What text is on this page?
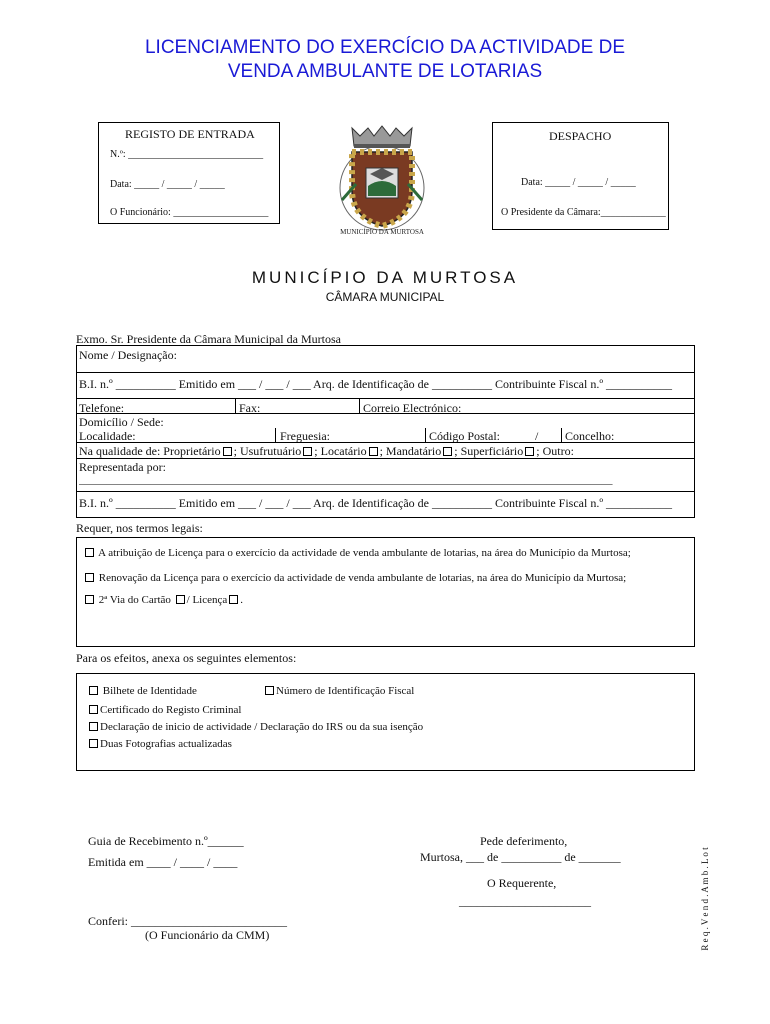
LICENCIAMENTO DO EXERCÍCIO DA ACTIVIDADE DE
VENDA AMBULANTE DE LOTARIAS
REGISTO DE ENTRADA
N.º: ___________________________
Data: _____ / _____ / _____
O Funcionário: ___________________
MUNICÍPIO DA MURTOSA
DESPACHO
Data: _____ / _____ / _____
O Presidente da Câmara:_____________
MUNICÍPIO DA MURTOSA
CÂMARA MUNICIPAL
Exmo. Sr. Presidente da Câmara Municipal da Murtosa
Nome / Designação:
B.I. n.º __________ Emitido em ___ / ___ / ___ Arq. de Identificação de __________ Contribuinte Fiscal n.º ___________
Telefone:	Fax:	Correio Electrónico:
Domicílio / Sede:
Localidade:	Freguesia:	Código Postal:	/ Concelho:
Na qualidade de: Proprietário ; Usufrutuário ; Locatário ; Mandatário ; Superficiário ; Outro:
Representada por:
_________________________________________________________________________________________________
B.I. n.º __________ Emitido em ___ / ___ / ___ Arq. de Identificação de __________ Contribuinte Fiscal n.º ___________
Requer, nos termos legais:
A atribuição de Licença para o exercício da actividade de venda ambulante de lotarias, na área do Município da Murtosa;
Renovação da Licença para o exercício da actividade de venda ambulante de lotarias, na área do Município da Murtosa;
2ª Via do Cartão / Licença .
Para os efeitos, anexa os seguintes elementos:
Bilhete de Identidade	Número de Identificação Fiscal
Certificado do Registo Criminal
Declaração de inicio de actividade / Declaração do IRS ou da sua isenção
Duas Fotografias actualizadas
Guia de Recebimento n.º______
Emitida em ____ / ____ / ____
Conferi: __________________________
(O Funcionário da CMM)
Pede deferimento,
Murtosa, ___ de __________ de _______
O Requerente,
______________________	R e q . V e n d . A m b . L o t
